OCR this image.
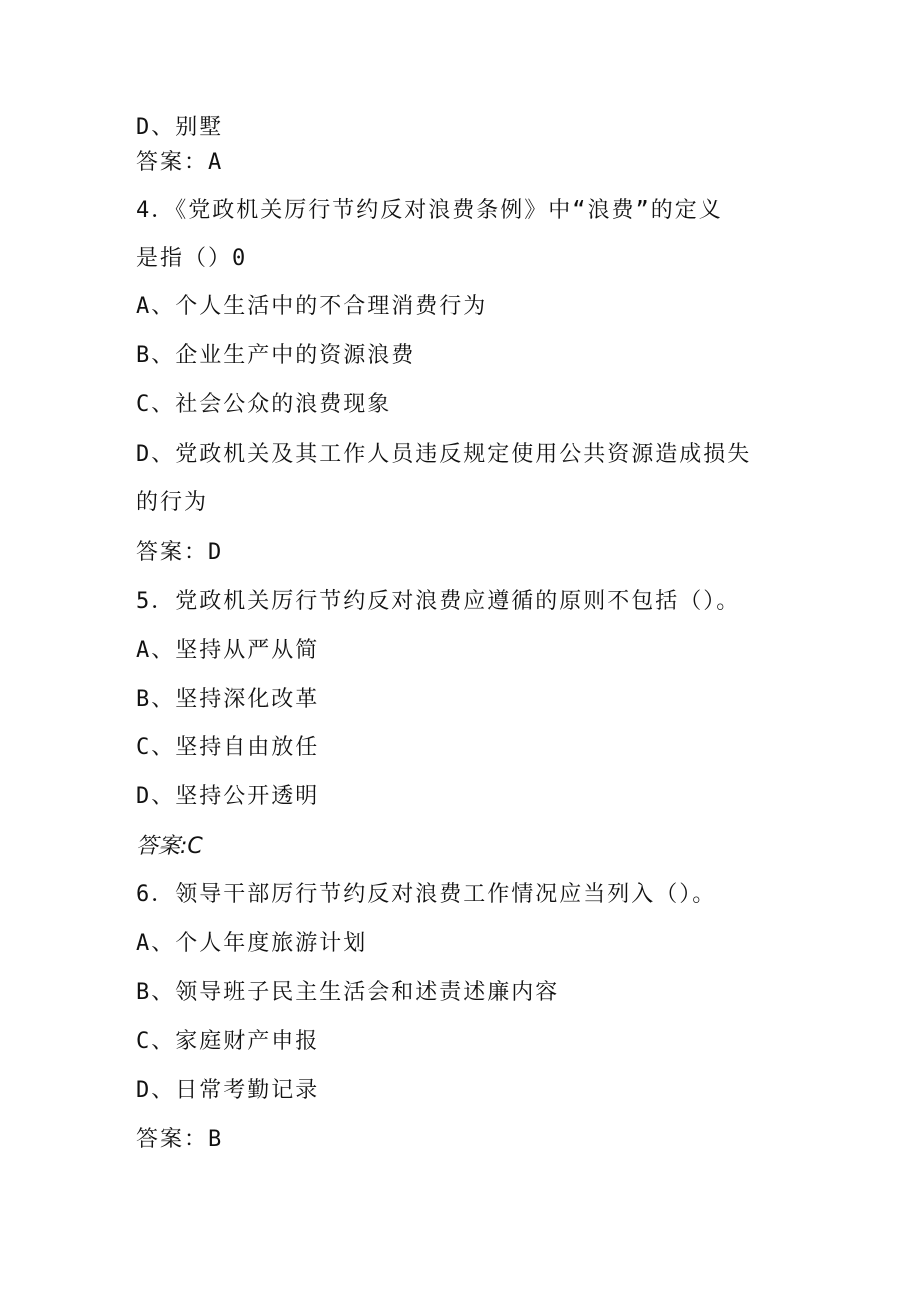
D、别墅
答案：A
4．《党政机关厉行节约反对浪费条例》中“浪费”的定义
是指（）0
A、个人生活中的不合理消费行为
B、企业生产中的资源浪费
C、社会公众的浪费现象
D、党政机关及其工作人员违反规定使用公共资源造成损失
的行为
答案：D
5．党政机关厉行节约反对浪费应遵循的原则不包括（）。
A、坚持从严从简
B、坚持深化改革
C、坚持自由放任
D、坚持公开透明
答案:C
6．领导干部厉行节约反对浪费工作情况应当列入（）。
A、个人年度旅游计划
B、领导班子民主生活会和述责述廉内容
C、家庭财产申报
D、日常考勤记录
答案：B
